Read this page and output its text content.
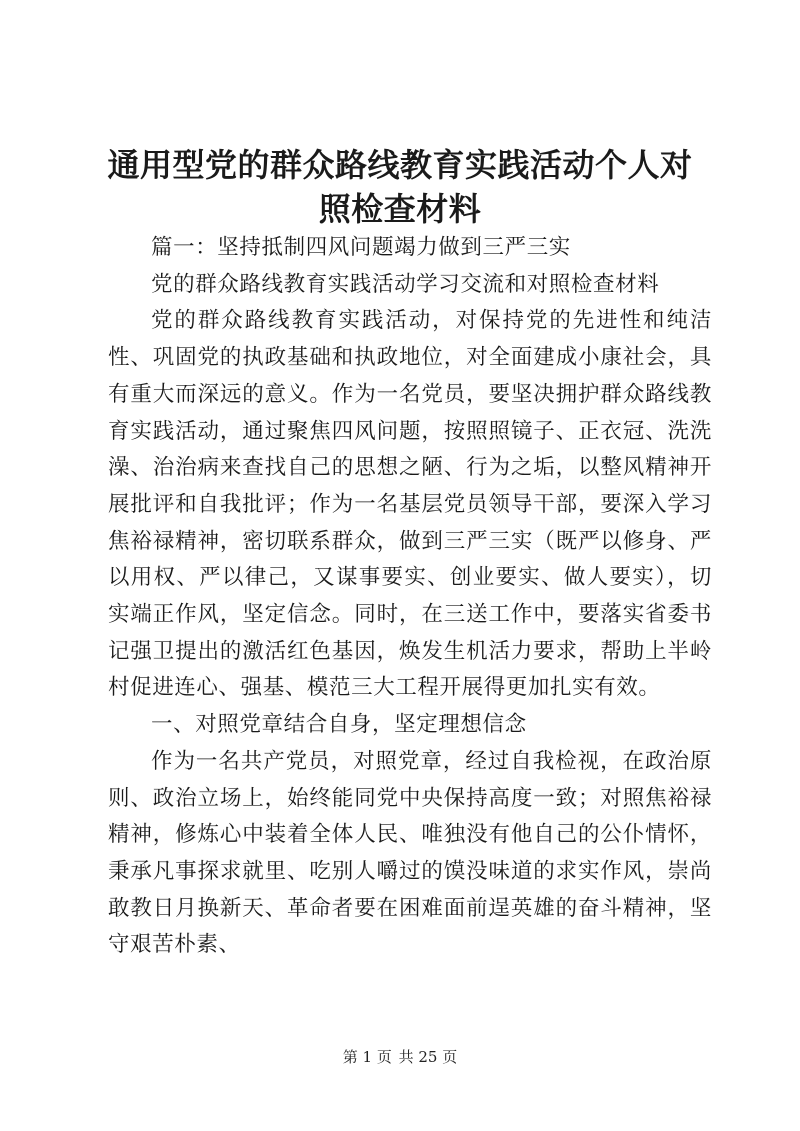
通用型党的群众路线教育实践活动个人对照检查材料

篇一：坚持抵制四风问题竭力做到三严三实

党的群众路线教育实践活动学习交流和对照检查材料

党的群众路线教育实践活动，对保持党的先进性和纯洁性、巩固党的执政基础和执政地位，对全面建成小康社会，具有重大而深远的意义。作为一名党员，要坚决拥护群众路线教育实践活动，通过聚焦四风问题，按照照镜子、正衣冠、洗洗澡、治治病来查找自己的思想之陋、行为之垢，以整风精神开展批评和自我批评；作为一名基层党员领导干部，要深入学习焦裕禄精神，密切联系群众，做到三严三实（既严以修身、严以用权、严以律己，又谋事要实、创业要实、做人要实），切实端正作风，坚定信念。同时，在三送工作中，要落实省委书记强卫提出的激活红色基因，焕发生机活力要求，帮助上半岭村促进连心、强基、模范三大工程开展得更加扎实有效。

一、对照党章结合自身，坚定理想信念

作为一名共产党员，对照党章，经过自我检视，在政治原则、政治立场上，始终能同党中央保持高度一致；对照焦裕禄精神，修炼心中装着全体人民、唯独没有他自己的公仆情怀，秉承凡事探求就里、吃别人嚼过的馍没味道的求实作风，崇尚敢教日月换新天、革命者要在困难面前逞英雄的奋斗精神，坚守艰苦朴素、

第 1 页 共 25 页
